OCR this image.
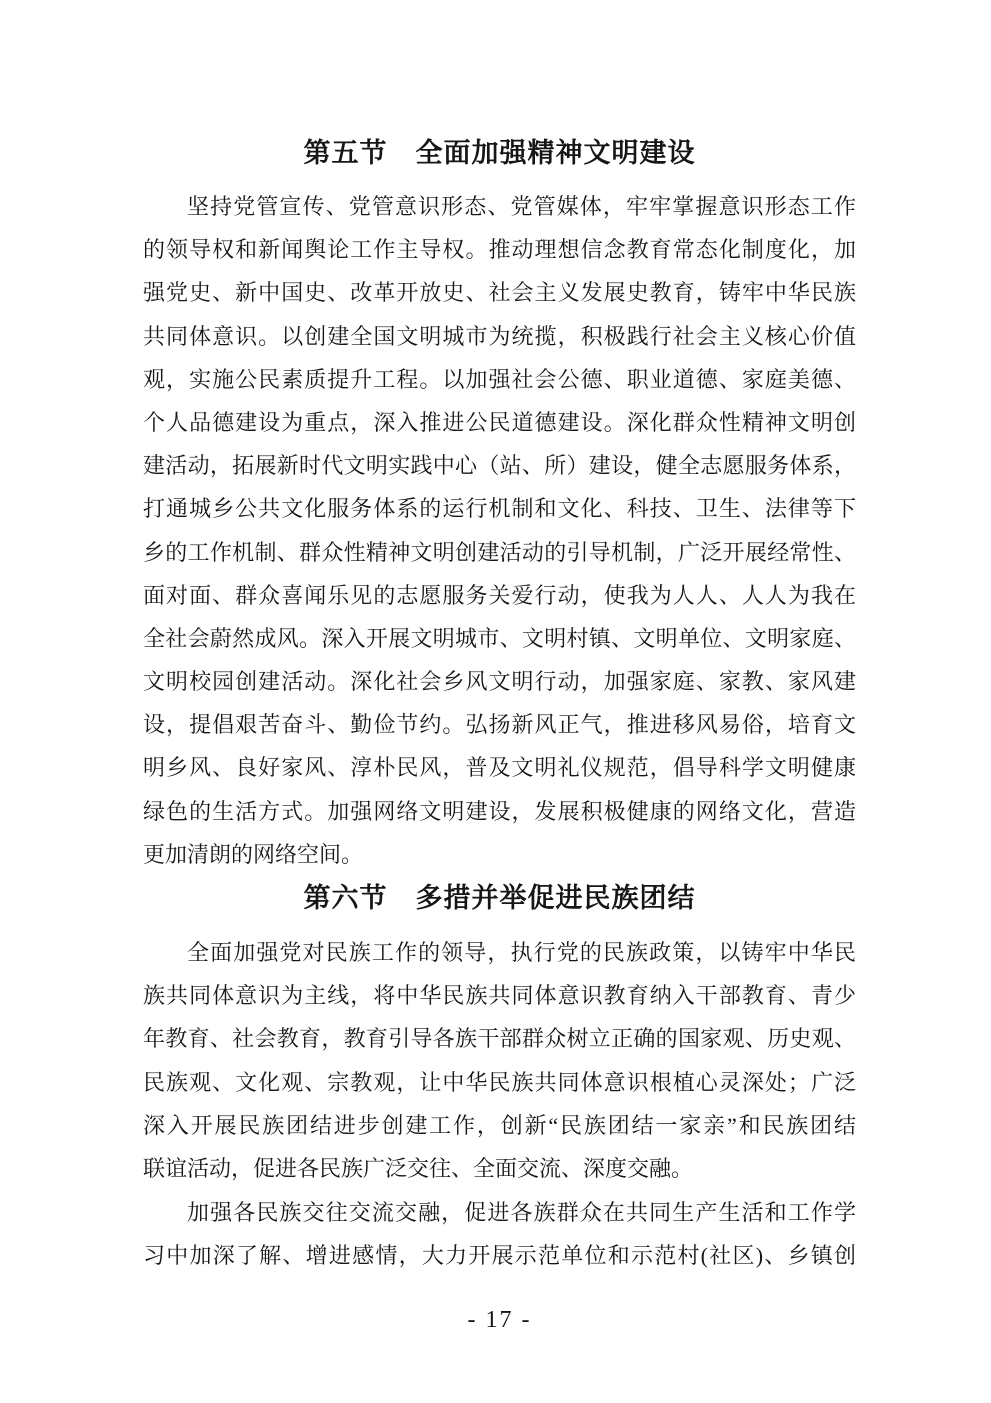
第五节　全面加强精神文明建设
坚持党管宣传、党管意识形态、党管媒体，牢牢掌握意识形态工作
的领导权和新闻舆论工作主导权。推动理想信念教育常态化制度化，加
强党史、新中国史、改革开放史、社会主义发展史教育，铸牢中华民族
共同体意识。以创建全国文明城市为统揽，积极践行社会主义核心价值
观，实施公民素质提升工程。以加强社会公德、职业道德、家庭美德、
个人品德建设为重点，深入推进公民道德建设。深化群众性精神文明创
建活动，拓展新时代文明实践中心（站、所）建设，健全志愿服务体系，
打通城乡公共文化服务体系的运行机制和文化、科技、卫生、法律等下
乡的工作机制、群众性精神文明创建活动的引导机制，广泛开展经常性、
面对面、群众喜闻乐见的志愿服务关爱行动，使我为人人、人人为我在
全社会蔚然成风。深入开展文明城市、文明村镇、文明单位、文明家庭、
文明校园创建活动。深化社会乡风文明行动，加强家庭、家教、家风建
设，提倡艰苦奋斗、勤俭节约。弘扬新风正气，推进移风易俗，培育文
明乡风、良好家风、淳朴民风，普及文明礼仪规范，倡导科学文明健康
绿色的生活方式。加强网络文明建设，发展积极健康的网络文化，营造
更加清朗的网络空间。
第六节　多措并举促进民族团结
全面加强党对民族工作的领导，执行党的民族政策，以铸牢中华民
族共同体意识为主线，将中华民族共同体意识教育纳入干部教育、青少
年教育、社会教育，教育引导各族干部群众树立正确的国家观、历史观、
民族观、文化观、宗教观，让中华民族共同体意识根植心灵深处；广泛
深入开展民族团结进步创建工作，创新“民族团结一家亲”和民族团结
联谊活动，促进各民族广泛交往、全面交流、深度交融。
加强各民族交往交流交融，促进各族群众在共同生产生活和工作学
习中加深了解、增进感情，大力开展示范单位和示范村(社区)、乡镇创
- 17 -
